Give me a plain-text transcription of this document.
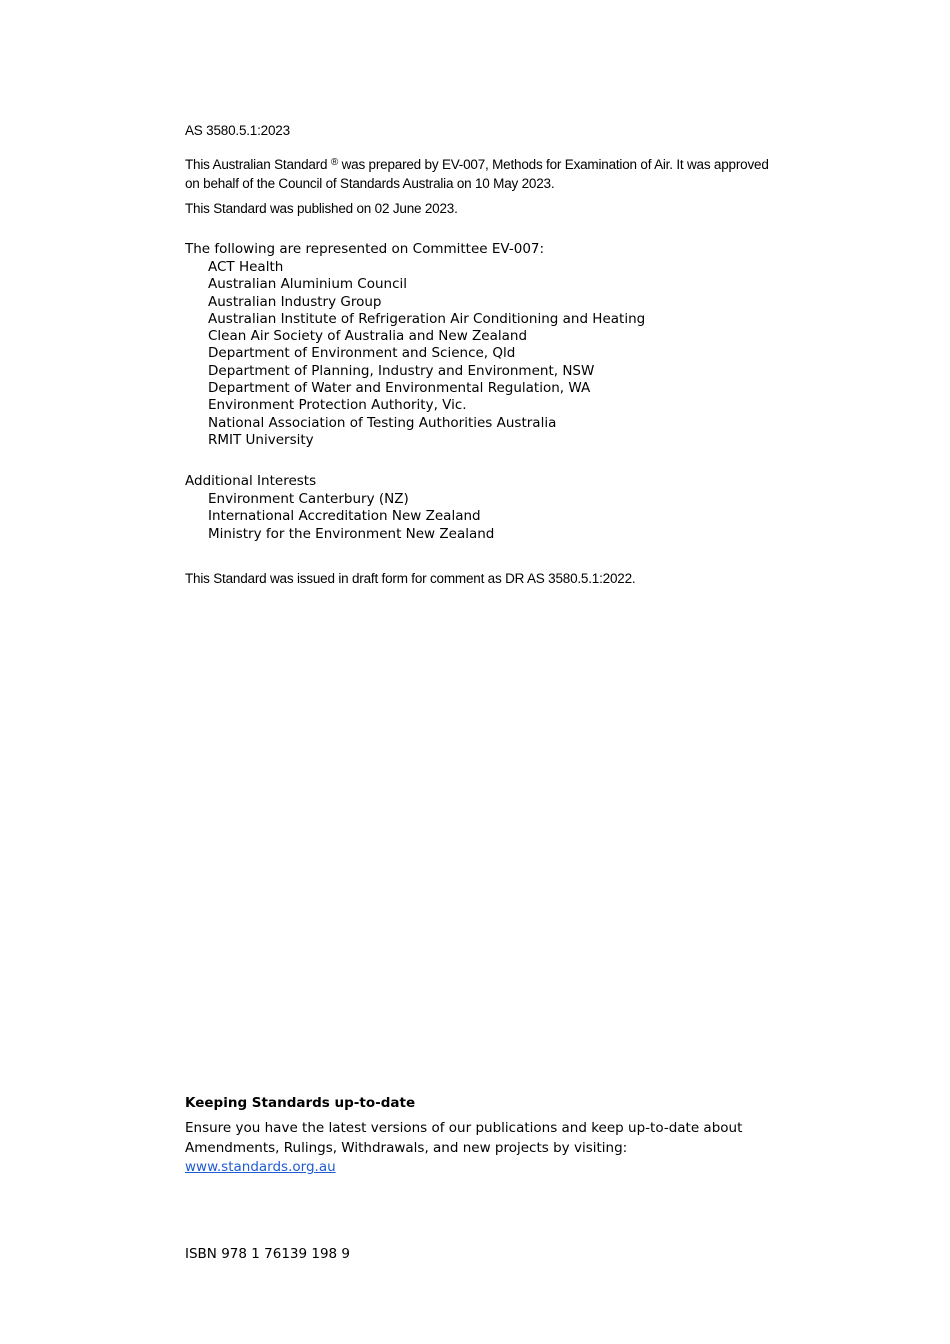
AS 3580.5.1:2023
This Australian Standard ® was prepared by EV-007, Methods for Examination of Air. It was approved on behalf of the Council of Standards Australia on 10 May 2023.
This Standard was published on 02 June 2023.
The following are represented on Committee EV-007:
ACT Health
Australian Aluminium Council
Australian Industry Group
Australian Institute of Refrigeration Air Conditioning and Heating
Clean Air Society of Australia and New Zealand
Department of Environment and Science, Qld
Department of Planning, Industry and Environment, NSW
Department of Water and Environmental Regulation, WA
Environment Protection Authority, Vic.
National Association of Testing Authorities Australia
RMIT University
Additional Interests
Environment Canterbury (NZ)
International Accreditation New Zealand
Ministry for the Environment New Zealand
This Standard was issued in draft form for comment as DR AS 3580.5.1:2022.
Keeping Standards up-to-date
Ensure you have the latest versions of our publications and keep up-to-date about Amendments, Rulings, Withdrawals, and new projects by visiting:
www.standards.org.au
ISBN 978 1 76139 198 9
